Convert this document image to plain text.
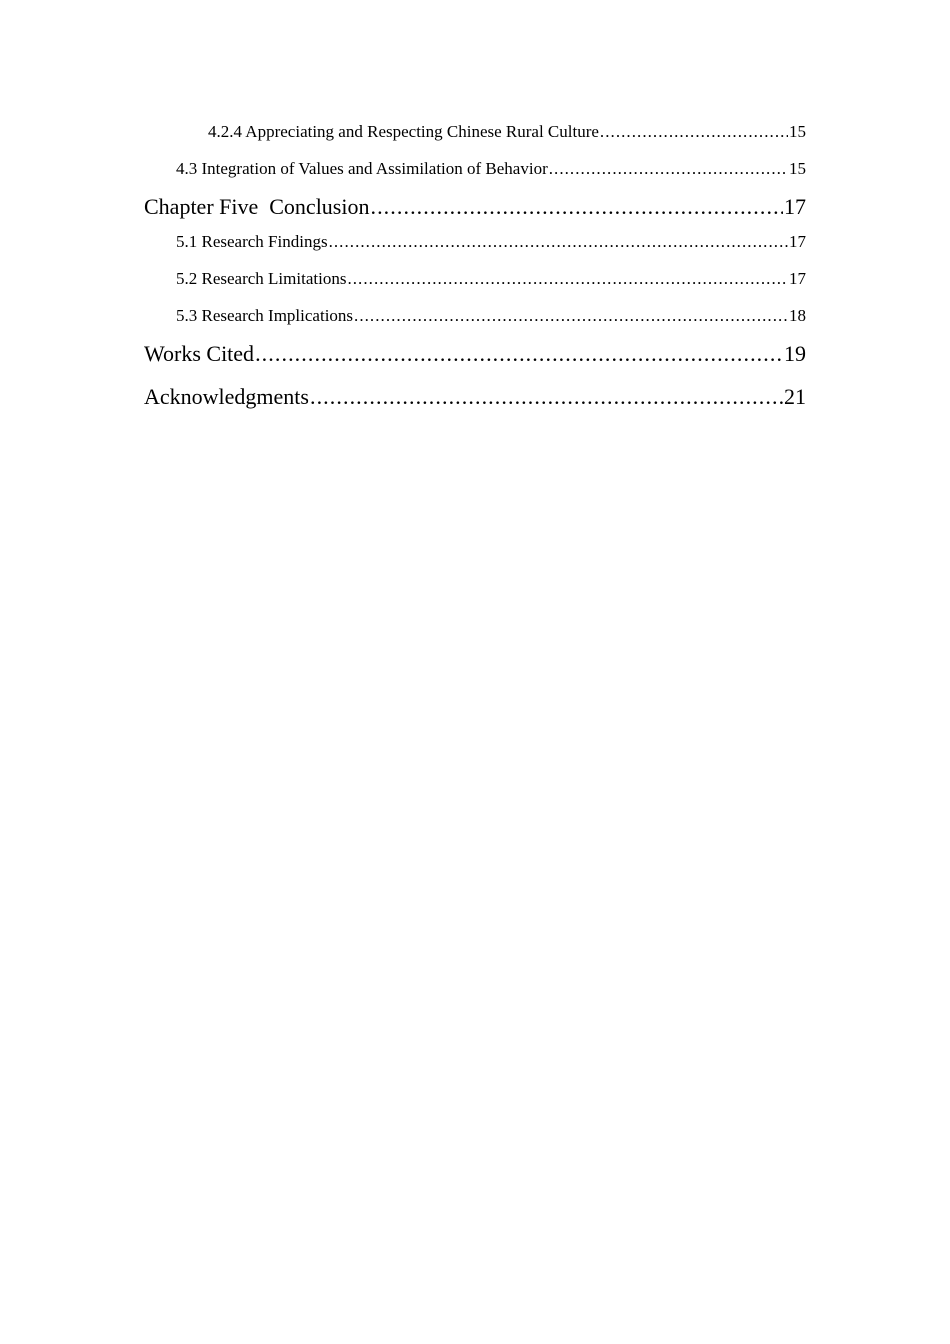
4.2.4 Appreciating and Respecting Chinese Rural Culture . . .	15
4.3 Integration of Values and Assimilation of Behavior . . .	15
Chapter Five  Conclusion . . .	17
5.1 Research Findings . . .	17
5.2 Research Limitations . . .	17
5.3 Research Implications . . .	18
Works Cited . . .	19
Acknowledgments . . .	21
